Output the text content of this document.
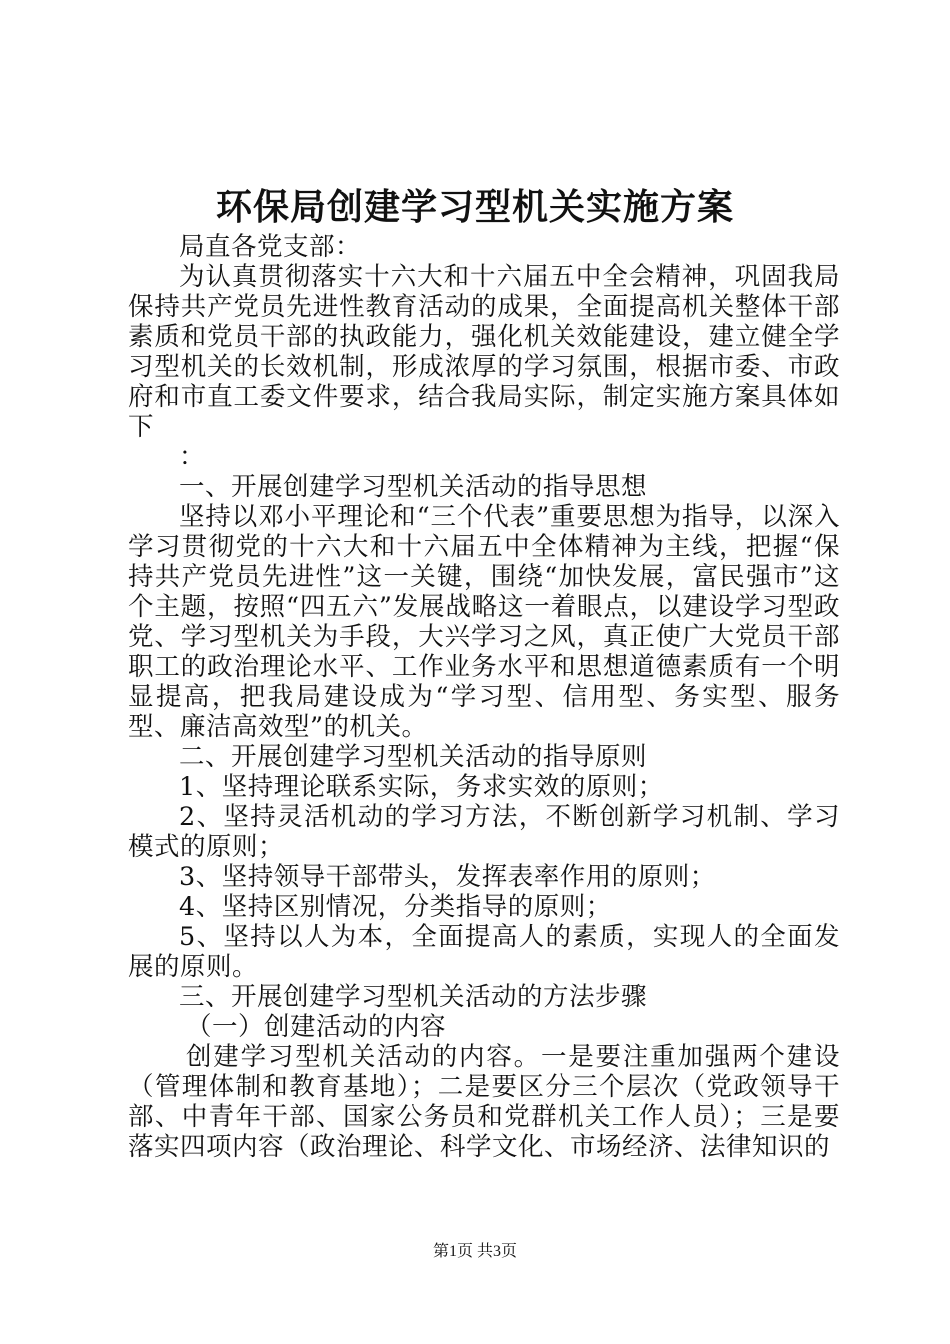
环保局创建学习型机关实施方案

局直各党支部：

为认真贯彻落实十六大和十六届五中全会精神，巩固我局保持共产党员先进性教育活动的成果，全面提高机关整体干部素质和党员干部的执政能力，强化机关效能建设，建立健全学习型机关的长效机制，形成浓厚的学习氛围，根据市委、市政府和市直工委文件要求，结合我局实际，制定实施方案具体如下

：

一、开展创建学习型机关活动的指导思想

坚持以邓小平理论和“三个代表”重要思想为指导，以深入学习贯彻党的十六大和十六届五中全体精神为主线，把握“保持共产党员先进性”这一关键，围绕“加快发展，富民强市”这个主题，按照“四五六”发展战略这一着眼点，以建设学习型政党、学习型机关为手段，大兴学习之风，真正使广大党员干部职工的政治理论水平、工作业务水平和思想道德素质有一个明显提高，把我局建设成为“学习型、信用型、务实型、服务型、廉洁高效型”的机关。

二、开展创建学习型机关活动的指导原则

1、坚持理论联系实际，务求实效的原则；

2、坚持灵活机动的学习方法，不断创新学习机制、学习模式的原则；

3、坚持领导干部带头，发挥表率作用的原则；

4、坚持区别情况，分类指导的原则；

5、坚持以人为本，全面提高人的素质，实现人的全面发展的原则。

三、开展创建学习型机关活动的方法步骤

（一）创建活动的内容

创建学习型机关活动的内容。一是要注重加强两个建设（管理体制和教育基地）；二是要区分三个层次（党政领导干部、中青年干部、国家公务员和党群机关工作人员）；三是要落实四项内容（政治理论、科学文化、市场经济、法律知识的

第1页 共3页
